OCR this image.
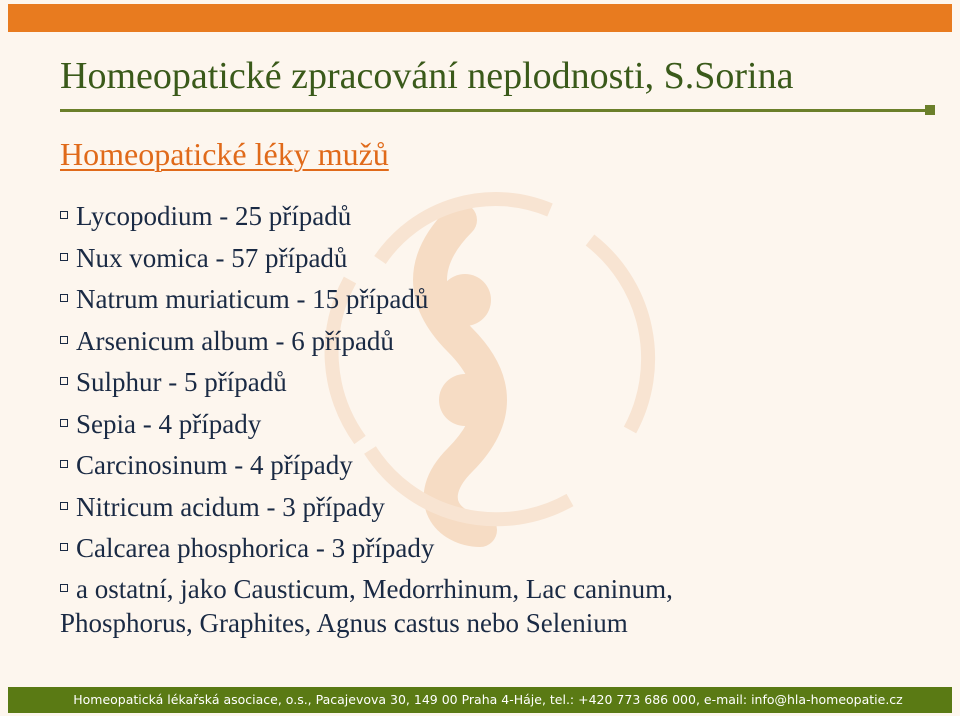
Homeopatické zpracování neplodnosti, S.Sorina
Homeopatické léky mužů
Lycopodium - 25 případů
Nux vomica - 57 případů
Natrum muriaticum - 15 případů
Arsenicum album - 6 případů
Sulphur - 5 případů
Sepia - 4 případy
Carcinosinum - 4 případy
Nitricum acidum - 3 případy
Calcarea phosphorica - 3 případy
a ostatní, jako Causticum, Medorrhinum, Lac caninum,
Phosphorus, Graphites, Agnus castus nebo Selenium
Homeopatická lékařská asociace, o.s., Pacajevova 30, 149 00 Praha 4-Háje, tel.: +420 773 686 000, e-mail: info@hla-homeopatie.cz
